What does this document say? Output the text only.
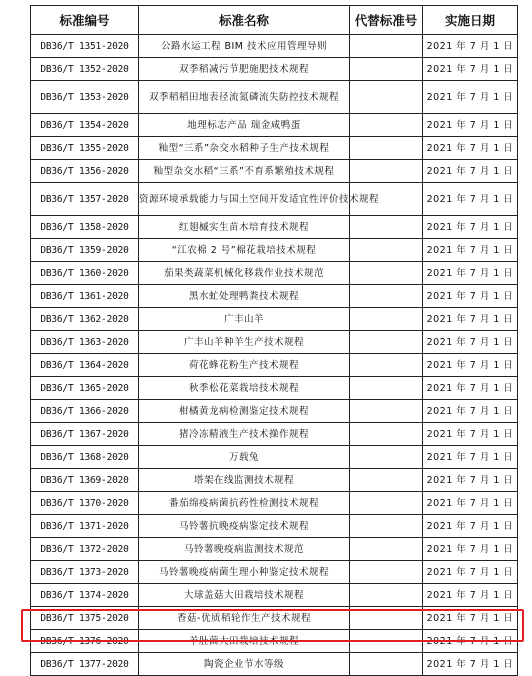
标准编号	标准名称	代替标准号	实施日期
DB36/T 1351-2020	公路水运工程 BIM 技术应用管理导则		2021 年 7 月 1 日
DB36/T 1352-2020	双季稻减污节肥施肥技术规程		2021 年 7 月 1 日
DB36/T 1353-2020	双季稻稻田地表径流氮磷流失防控技术规程		2021 年 7 月 1 日
DB36/T 1354-2020	地理标志产品 瑞金咸鸭蛋		2021 年 7 月 1 日
DB36/T 1355-2020	籼型“三系”杂交水稻种子生产技术规程		2021 年 7 月 1 日
DB36/T 1356-2020	籼型杂交水稻“三系”不育系繁殖技术规程		2021 年 7 月 1 日
DB36/T 1357-2020	资源环境承载能力与国土空间开发适宜性评价技术规程		2021 年 7 月 1 日
DB36/T 1358-2020	红翅槭实生苗木培育技术规程		2021 年 7 月 1 日
DB36/T 1359-2020	“江农棉 2 号”棉花栽培技术规程		2021 年 7 月 1 日
DB36/T 1360-2020	茄果类蔬菜机械化移栽作业技术规范		2021 年 7 月 1 日
DB36/T 1361-2020	黑水虻处理鸭粪技术规程		2021 年 7 月 1 日
DB36/T 1362-2020	广丰山羊		2021 年 7 月 1 日
DB36/T 1363-2020	广丰山羊种羊生产技术规程		2021 年 7 月 1 日
DB36/T 1364-2020	荷花蜂花粉生产技术规程		2021 年 7 月 1 日
DB36/T 1365-2020	秋季松花菜栽培技术规程		2021 年 7 月 1 日
DB36/T 1366-2020	柑橘黄龙病检测鉴定技术规程		2021 年 7 月 1 日
DB36/T 1367-2020	猪冷冻精液生产技术操作规程		2021 年 7 月 1 日
DB36/T 1368-2020	万载兔		2021 年 7 月 1 日
DB36/T 1369-2020	塔架在线监测技术规程		2021 年 7 月 1 日
DB36/T 1370-2020	番茄绵疫病菌抗药性检测技术规程		2021 年 7 月 1 日
DB36/T 1371-2020	马铃薯抗晚疫病鉴定技术规程		2021 年 7 月 1 日
DB36/T 1372-2020	马铃薯晚疫病监测技术规范		2021 年 7 月 1 日
DB36/T 1373-2020	马铃薯晚疫病菌生理小种鉴定技术规程		2021 年 7 月 1 日
DB36/T 1374-2020	大球盖菇大田栽培技术规程		2021 年 7 月 1 日
DB36/T 1375-2020	香菇-优质稻轮作生产技术规程		2021 年 7 月 1 日
DB36/T 1376-2020	羊肚菌大田栽培技术规程		2021 年 7 月 1 日
DB36/T 1377-2020	陶瓷企业节水等级		2021 年 7 月 1 日
